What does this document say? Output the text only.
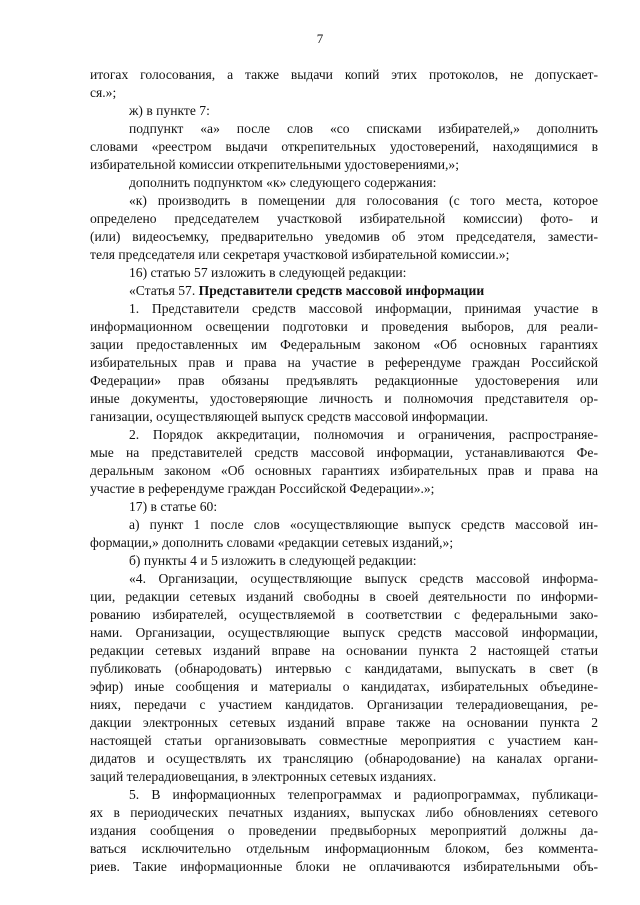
7
итогах голосования, а также выдачи копий этих протоколов, не допускает-
ся.»;
ж) в пункте 7:
подпункт «а» после слов «со списками избирателей,» дополнить
словами «реестром выдачи открепительных удостоверений, находящимися в
избирательной комиссии открепительными удостоверениями,»;
дополнить подпунктом «к» следующего содержания:
«к) производить в помещении для голосования (с того места, которое
определено председателем участковой избирательной комиссии) фото- и
(или) видеосъемку, предварительно уведомив об этом председателя, замести-
теля председателя или секретаря участковой избирательной комиссии.»;
16) статью 57 изложить в следующей редакции:
«Статья 57. Представители средств массовой информации
1. Представители средств массовой информации, принимая участие в
информационном освещении подготовки и проведения выборов, для реали-
зации предоставленных им Федеральным законом «Об основных гарантиях
избирательных прав и права на участие в референдуме граждан Российской
Федерации» прав обязаны предъявлять редакционные удостоверения или
иные документы, удостоверяющие личность и полномочия представителя ор-
ганизации, осуществляющей выпуск средств массовой информации.
2. Порядок аккредитации, полномочия и ограничения, распространяе-
мые на представителей средств массовой информации, устанавливаются Фе-
деральным законом «Об основных гарантиях избирательных прав и права на
участие в референдуме граждан Российской Федерации».»;
17) в статье 60:
а) пункт 1 после слов «осуществляющие выпуск средств массовой ин-
формации,» дополнить словами «редакции сетевых изданий,»;
б) пункты 4 и 5 изложить в следующей редакции:
«4. Организации, осуществляющие выпуск средств массовой информа-
ции, редакции сетевых изданий свободны в своей деятельности по информи-
рованию избирателей, осуществляемой в соответствии с федеральными зако-
нами. Организации, осуществляющие выпуск средств массовой информации,
редакции сетевых изданий вправе на основании пункта 2 настоящей статьи
публиковать (обнародовать) интервью с кандидатами, выпускать в свет (в
эфир) иные сообщения и материалы о кандидатах, избирательных объедине-
ниях, передачи с участием кандидатов. Организации телерадиовещания, ре-
дакции электронных сетевых изданий вправе также на основании пункта 2
настоящей статьи организовывать совместные мероприятия с участием кан-
дидатов и осуществлять их трансляцию (обнародование) на каналах органи-
заций телерадиовещания, в электронных сетевых изданиях.
5. В информационных телепрограммах и радиопрограммах, публикаци-
ях в периодических печатных изданиях, выпусках либо обновлениях сетевого
издания сообщения о проведении предвыборных мероприятий должны да-
ваться исключительно отдельным информационным блоком, без коммента-
риев. Такие информационные блоки не оплачиваются избирательными объ-
